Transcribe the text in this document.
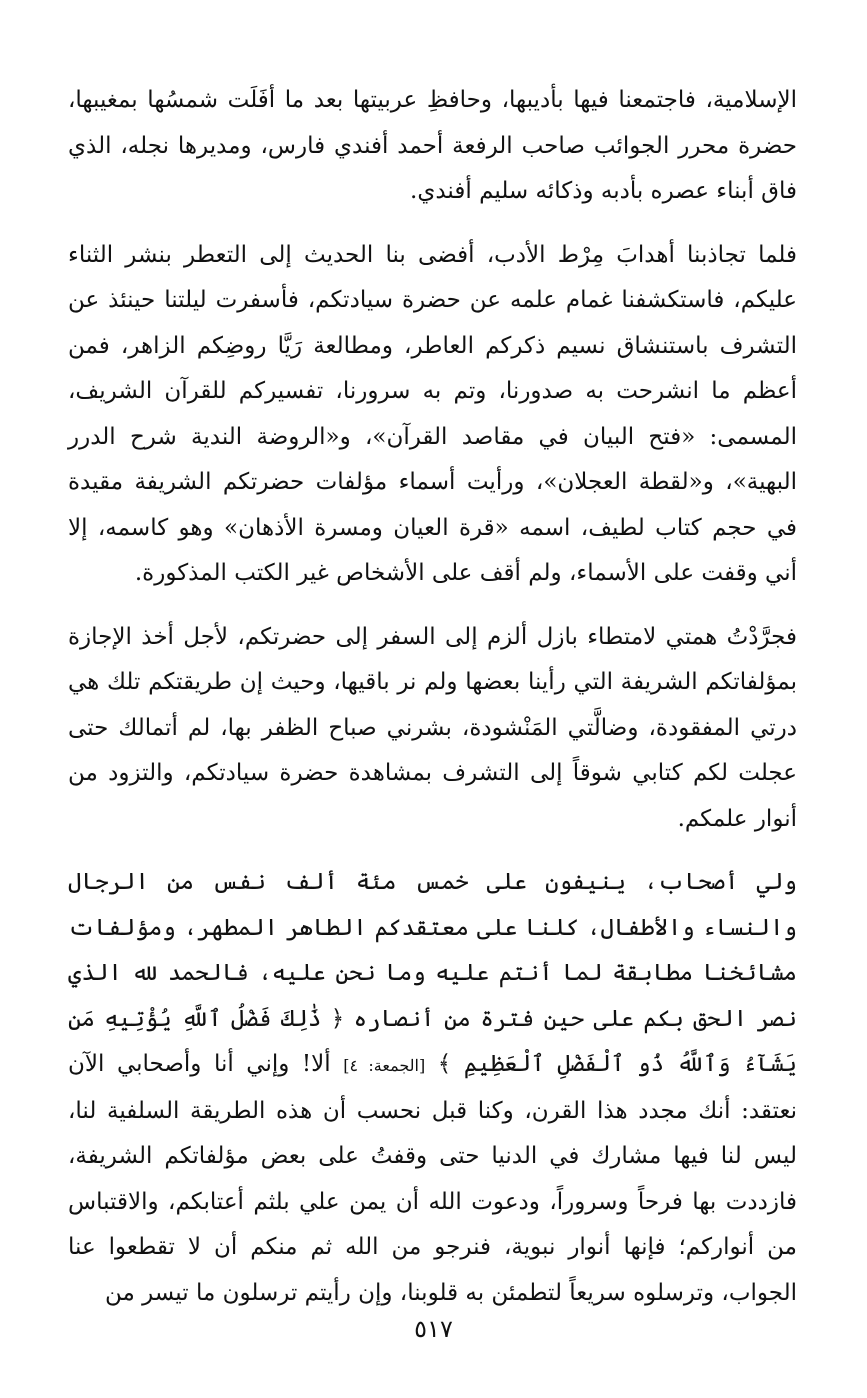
الإسلامية، فاجتمعنا فيها بأديبها، وحافظِ عربيتها بعد ما أفَلَت شمسُها بمغيبها، حضرة محرر الجوائب صاحب الرفعة أحمد أفندي فارس، ومديرها نجله، الذي فاق أبناء عصره بأدبه وذكائه سليم أفندي.

فلما تجاذبنا أهدابَ مِرْط الأدب، أفضى بنا الحديث إلى التعطر بنشر الثناء عليكم، فاستكشفنا غمام علمه عن حضرة سيادتكم، فأسفرت ليلتنا حينئذ عن التشرف باستنشاق نسيم ذكركم العاطر، ومطالعة رَيَّا روضِكم الزاهر، فمن أعظم ما انشرحت به صدورنا، وتم به سرورنا، تفسيركم للقرآن الشريف، المسمى: «فتح البيان في مقاصد القرآن»، و«الروضة الندية شرح الدرر البهية»، و«لقطة العجلان»، ورأيت أسماء مؤلفات حضرتكم الشريفة مقيدة في حجم كتاب لطيف، اسمه «قرة العيان ومسرة الأذهان» وهو كاسمه، إلا أني وقفت على الأسماء، ولم أقف على الأشخاص غير الكتب المذكورة.

فجرَّدْتُ همتي لامتطاء بازل ألزم إلى السفر إلى حضرتكم، لأجل أخذ الإجازة بمؤلفاتكم الشريفة التي رأينا بعضها ولم نر باقيها، وحيث إن طريقتكم تلك هي درتي المفقودة، وضالَّتي المَنْشودة، بشرني صباح الظفر بها، لم أتمالك حتى عجلت لكم كتابي شوقاً إلى التشرف بمشاهدة حضرة سيادتكم، والتزود من أنوار علمكم.

ولي أصحاب، ينيفون على خمس مئة ألف نفس من الرجال والنساء والأطفال، كلنا على معتقدكم الطاهر المطهر، ومؤلفات مشائخنا مطابقة لما أنتم عليه وما نحن عليه، فالحمد لله الذي نصر الحق بكم على حين فترة من أنصاره ﴿ ذَٰلِكَ فَضْلُ ٱللَّهِ يُؤْتِيهِ مَن يَشَآءُ وَٱللَّهُ ذُو ٱلْفَضْلِ ٱلْعَظِيمِ ﴾ [الجمعة: ٤] ألا! وإني أنا وأصحابي الآن نعتقد: أنك مجدد هذا القرن، وكنا قبل نحسب أن هذه الطريقة السلفية لنا، ليس لنا فيها مشارك في الدنيا حتى وقفتُ على بعض مؤلفاتكم الشريفة، فازددت بها فرحاً وسروراً، ودعوت الله أن يمن علي بلثم أعتابكم، والاقتباس من أنواركم؛ فإنها أنوار نبوية، فنرجو من الله ثم منكم أن لا تقطعوا عنا الجواب، وترسلوه سريعاً لتطمئن به قلوبنا، وإن رأيتم ترسلون ما تيسر من

٥١٧
